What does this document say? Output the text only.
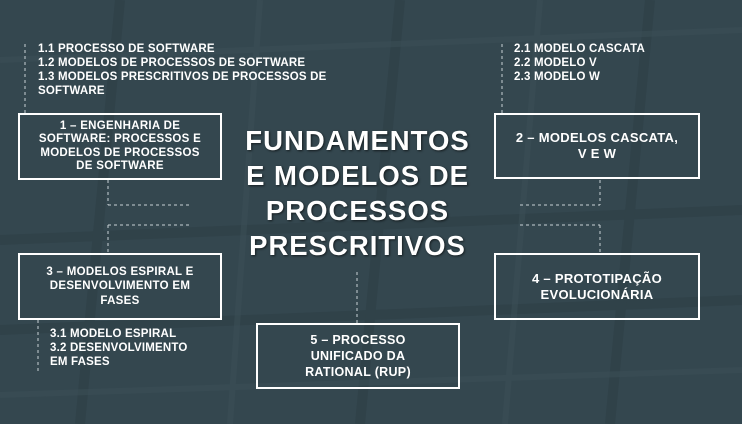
1.1 PROCESSO DE SOFTWARE
1.2 MODELOS DE PROCESSOS DE SOFTWARE
1.3 MODELOS PRESCRITIVOS DE PROCESSOS DE
SOFTWARE
2.1 MODELO CASCATA
2.2 MODELO V
2.3 MODELO W
3.1 MODELO ESPIRAL
3.2 DESENVOLVIMENTO
EM FASES
1 – ENGENHARIA DE
SOFTWARE: PROCESSOS E
MODELOS DE PROCESSOS
DE SOFTWARE
2 – MODELOS CASCATA,
V E W
3 – MODELOS ESPIRAL E
DESENVOLVIMENTO EM
FASES
4 – PROTOTIPAÇÃO
EVOLUCIONÁRIA
5 – PROCESSO
UNIFICADO DA
RATIONAL (RUP)
FUNDAMENTOS
E MODELOS DE
PROCESSOS
PRESCRITIVOS
